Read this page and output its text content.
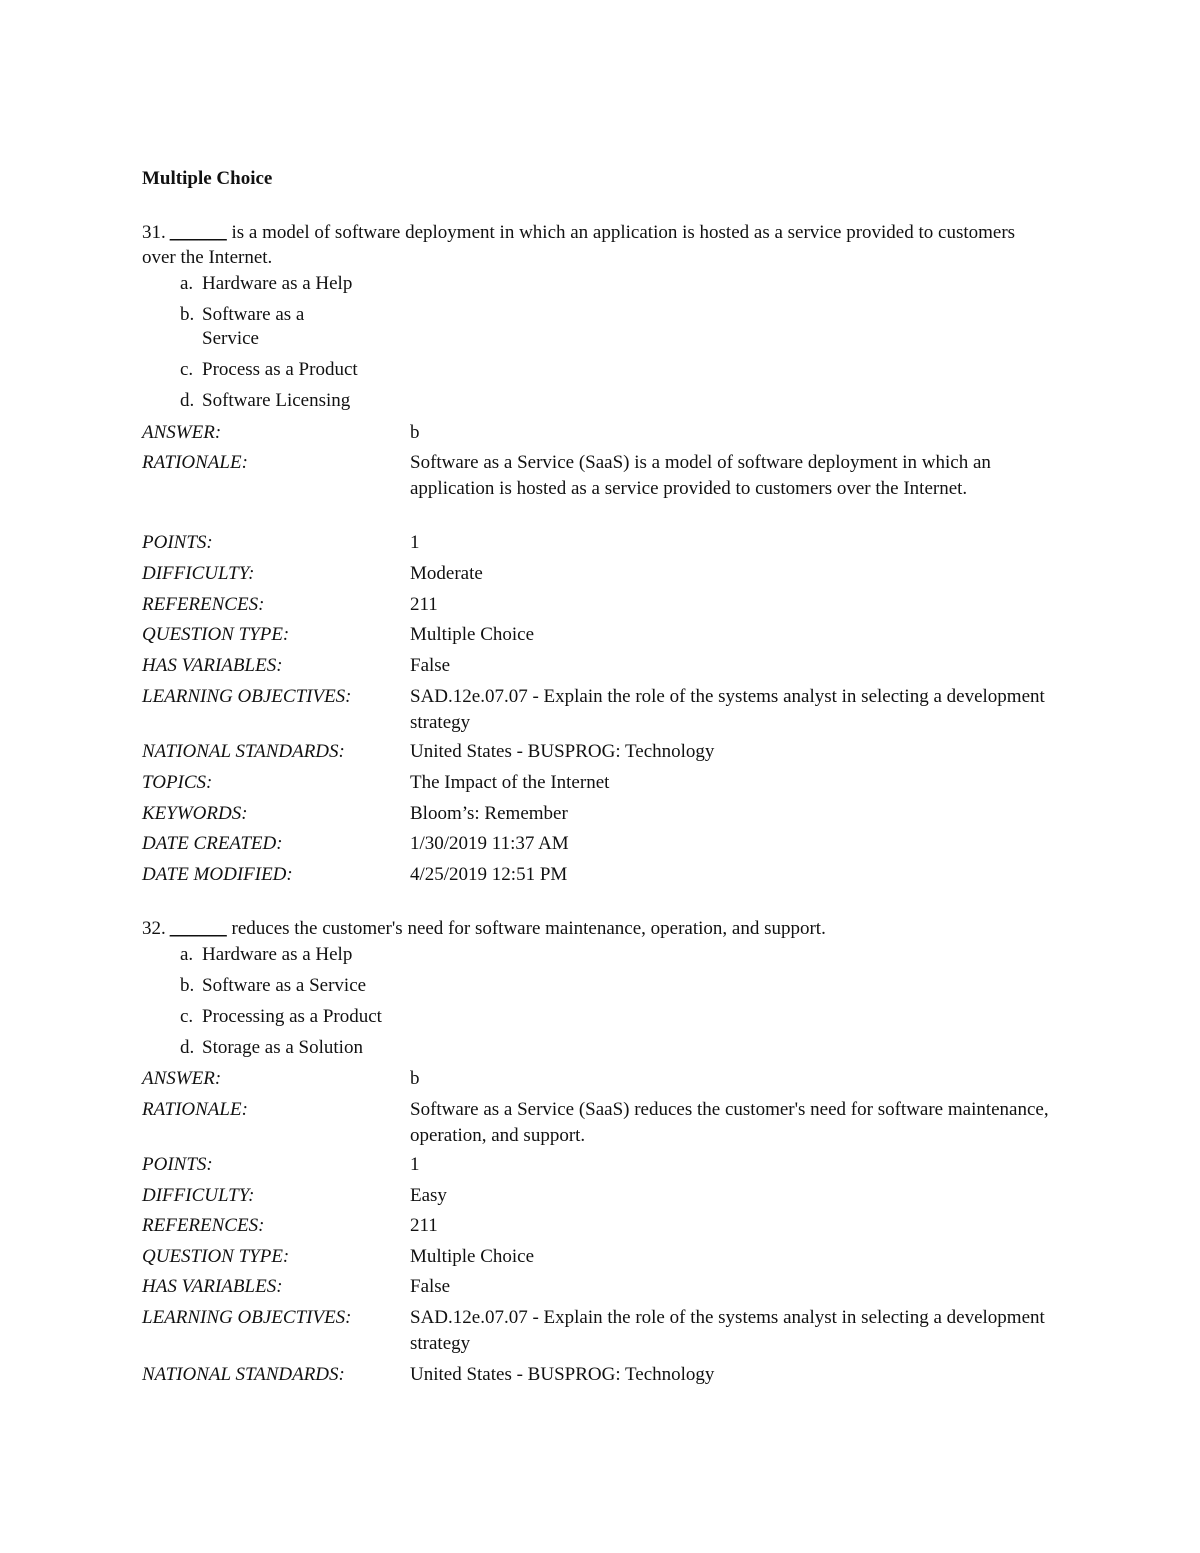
Multiple Choice
31. ______ is a model of software deployment in which an application is hosted as a service provided to customers over the Internet.
a. Hardware as a Help
b. Software as a Service
c. Process as a Product
d. Software Licensing
ANSWER:	b
RATIONALE:	Software as a Service (SaaS) is a model of software deployment in which an application is hosted as a service provided to customers over the Internet.
POINTS:	1
DIFFICULTY:	Moderate
REFERENCES:	211
QUESTION TYPE:	Multiple Choice
HAS VARIABLES:	False
LEARNING OBJECTIVES:	SAD.12e.07.07 - Explain the role of the systems analyst in selecting a development strategy
NATIONAL STANDARDS:	United States - BUSPROG: Technology
TOPICS:	The Impact of the Internet
KEYWORDS:	Bloom’s: Remember
DATE CREATED:	1/30/2019 11:37 AM
DATE MODIFIED:	4/25/2019 12:51 PM
32. ______ reduces the customer's need for software maintenance, operation, and support.
a. Hardware as a Help
b. Software as a Service
c. Processing as a Product
d. Storage as a Solution
ANSWER:	b
RATIONALE:	Software as a Service (SaaS) reduces the customer's need for software maintenance, operation, and support.
POINTS:	1
DIFFICULTY:	Easy
REFERENCES:	211
QUESTION TYPE:	Multiple Choice
HAS VARIABLES:	False
LEARNING OBJECTIVES:	SAD.12e.07.07 - Explain the role of the systems analyst in selecting a development strategy
NATIONAL STANDARDS:	United States - BUSPROG: Technology
